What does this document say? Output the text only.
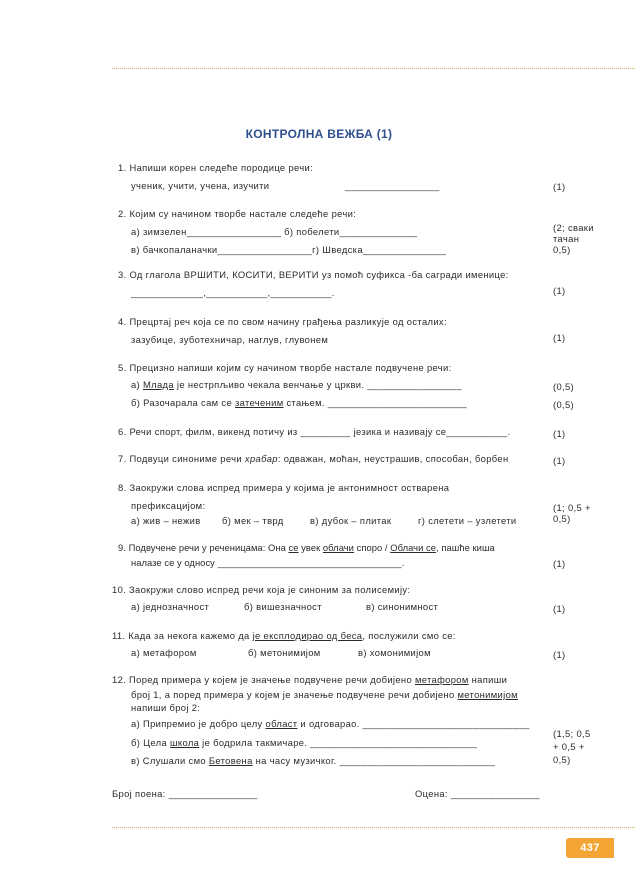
КОНТРОЛНА ВЕЖБА (1)
1. Напиши корен следеће породице речи:
ученик, учити, учена, изучити	_________________	(1)
2. Којим су начином творбе настале следеће речи:
а) зимзелен_________________ б) побелети______________
в) бачкопаланачки_________________г) Шведска_______________
(2; сваки тачан 0,5)
3. Од глагола ВРШИТИ, КОСИТИ, ВЕРИТИ уз помоћ суфикса -ба сагради именице:
_____________,___________,___________.	(1)
4. Прецртај реч која се по свом начину грађења разликује од осталих:
зазубице, зуботехничар, наглув, глувонем	(1)
5. Прецизно напиши којим су начином творбе настале подвучене речи:
а) Млада је нестрпљиво чекала венчање у цркви. _________________
б) Разочарала сам се затеченим стањем. _________________________
(0,5)
(0,5)
6. Речи спорт, филм, викенд потичу из _________ језика и називају се___________.	(1)
7. Подвуци синониме речи храбар: одважан, моћан, неустрашив, способан, борбен	(1)
8. Заокружи слова испред примера у којима је антонимност остварена
префиксацијом:
а) жив – нежив б) мек – тврд	в) дубок – плитак	г) слетети – узлетети
(1; 0,5 + 0,5)
9. Подвучене речи у реченицама: Она се увек облачи споро / Облачи се, пашће киша
налазе се у односу ___________________________________.	(1)
10. Заокружи слово испред речи која је синоним за полисемију:
а) једнозначност	б) вишезначност	в) синонимност	(1)
11. Када за некога кажемо да је експлодирао од беса, послужили смо се:
а) метафором	б) метонимијом	в) хомонимијом	(1)
12. Поред примера у којем је значење подвучене речи добијено метафором напиши
број 1, а поред примера у којем је значење подвучене речи добијено метонимијом
напиши број 2:
а) Припремио је добро целу област и одговарао. ______________________________
б) Цела школа је бодрила такмичаре. ______________________________
в) Слушали смо Бетовена на часу музичког. ____________________________
(1,5; 0,5 + 0,5 + 0,5)
Број поена: ________________	Оцена: ________________
437
